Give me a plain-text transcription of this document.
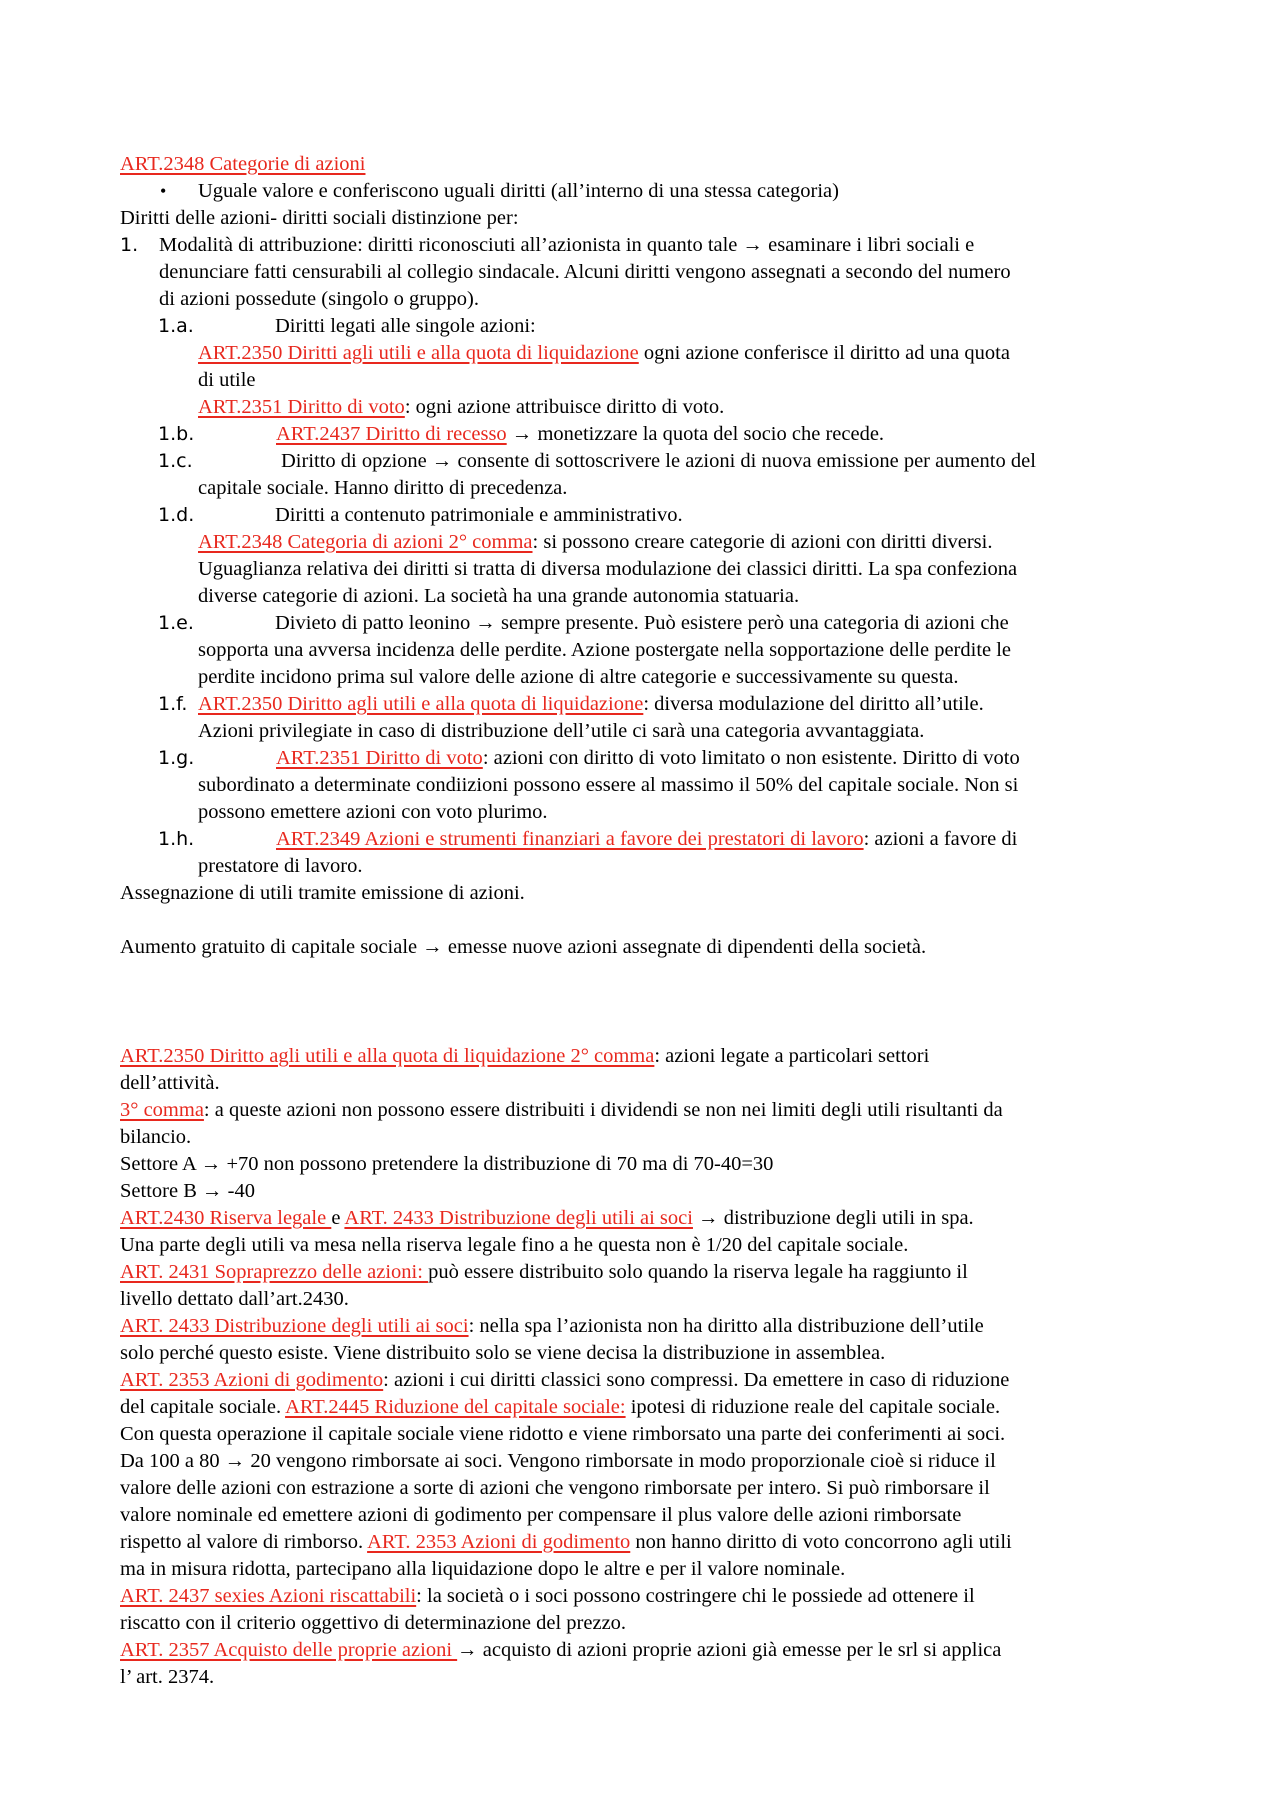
ART.2348 Categorie di azioni
• Uguale valore e conferiscono uguali diritti (all’interno di una stessa categoria)
Diritti delle azioni- diritti sociali distinzione per:
1. Modalità di attribuzione: diritti riconosciuti all’azionista in quanto tale → esaminare i libri sociali e
denunciare fatti censurabili al collegio sindacale. Alcuni diritti vengono assegnati a secondo del numero
di azioni possedute (singolo o gruppo).
1.a.	Diritti legati alle singole azioni:
ART.2350 Diritti agli utili e alla quota di liquidazione ogni azione conferisce il diritto ad una quota
di utile
ART.2351 Diritto di voto: ogni azione attribuisce diritto di voto.
1.b.	ART.2437 Diritto di recesso → monetizzare la quota del socio che recede.
1.c.	Diritto di opzione → consente di sottoscrivere le azioni di nuova emissione per aumento del
capitale sociale. Hanno diritto di precedenza.
1.d.	Diritti a contenuto patrimoniale e amministrativo.
ART.2348 Categoria di azioni 2° comma: si possono creare categorie di azioni con diritti diversi.
Uguaglianza relativa dei diritti si tratta di diversa modulazione dei classici diritti. La spa confeziona
diverse categorie di azioni. La società ha una grande autonomia statuaria.
1.e.	Divieto di patto leonino → sempre presente. Può esistere però una categoria di azioni che
sopporta una avversa incidenza delle perdite. Azione postergate nella sopportazione delle perdite le
perdite incidono prima sul valore delle azione di altre categorie e successivamente su questa.
1.f. ART.2350 Diritto agli utili e alla quota di liquidazione: diversa modulazione del diritto all’utile.
Azioni privilegiate in caso di distribuzione dell’utile ci sarà una categoria avvantaggiata.
1.g.	ART.2351 Diritto di voto: azioni con diritto di voto limitato o non esistente. Diritto di voto
subordinato a determinate condiizioni possono essere al massimo il 50% del capitale sociale. Non si
possono emettere azioni con voto plurimo.
1.h.	ART.2349 Azioni e strumenti finanziari a favore dei prestatori di lavoro: azioni a favore di
prestatore di lavoro.
Assegnazione di utili tramite emissione di azioni.
Aumento gratuito di capitale sociale → emesse nuove azioni assegnate di dipendenti della società.
ART.2350 Diritto agli utili e alla quota di liquidazione 2° comma: azioni legate a particolari settori
dell’attività.
3° comma: a queste azioni non possono essere distribuiti i dividendi se non nei limiti degli utili risultanti da
bilancio.
Settore A → +70 non possono pretendere la distribuzione di 70 ma di 70-40=30
Settore B → -40
ART.2430 Riserva legale e ART. 2433 Distribuzione degli utili ai soci → distribuzione degli utili in spa.
Una parte degli utili va mesa nella riserva legale fino a he questa non è 1/20 del capitale sociale.
ART. 2431 Sopraprezzo delle azioni: può essere distribuito solo quando la riserva legale ha raggiunto il
livello dettato dall’art.2430.
ART. 2433 Distribuzione degli utili ai soci: nella spa l’azionista non ha diritto alla distribuzione dell’utile
solo perché questo esiste. Viene distribuito solo se viene decisa la distribuzione in assemblea.
ART. 2353 Azioni di godimento: azioni i cui diritti classici sono compressi. Da emettere in caso di riduzione
del capitale sociale. ART.2445 Riduzione del capitale sociale: ipotesi di riduzione reale del capitale sociale.
Con questa operazione il capitale sociale viene ridotto e viene rimborsato una parte dei conferimenti ai soci.
Da 100 a 80 → 20 vengono rimborsate ai soci. Vengono rimborsate in modo proporzionale cioè si riduce il
valore delle azioni con estrazione a sorte di azioni che vengono rimborsate per intero. Si può rimborsare il
valore nominale ed emettere azioni di godimento per compensare il plus valore delle azioni rimborsate
rispetto al valore di rimborso. ART. 2353 Azioni di godimento non hanno diritto di voto concorrono agli utili
ma in misura ridotta, partecipano alla liquidazione dopo le altre e per il valore nominale.
ART. 2437 sexies Azioni riscattabili: la società o i soci possono costringere chi le possiede ad ottenere il
riscatto con il criterio oggettivo di determinazione del prezzo.
ART. 2357 Acquisto delle proprie azioni → acquisto di azioni proprie azioni già emesse per le srl si applica
l’ art. 2374.
